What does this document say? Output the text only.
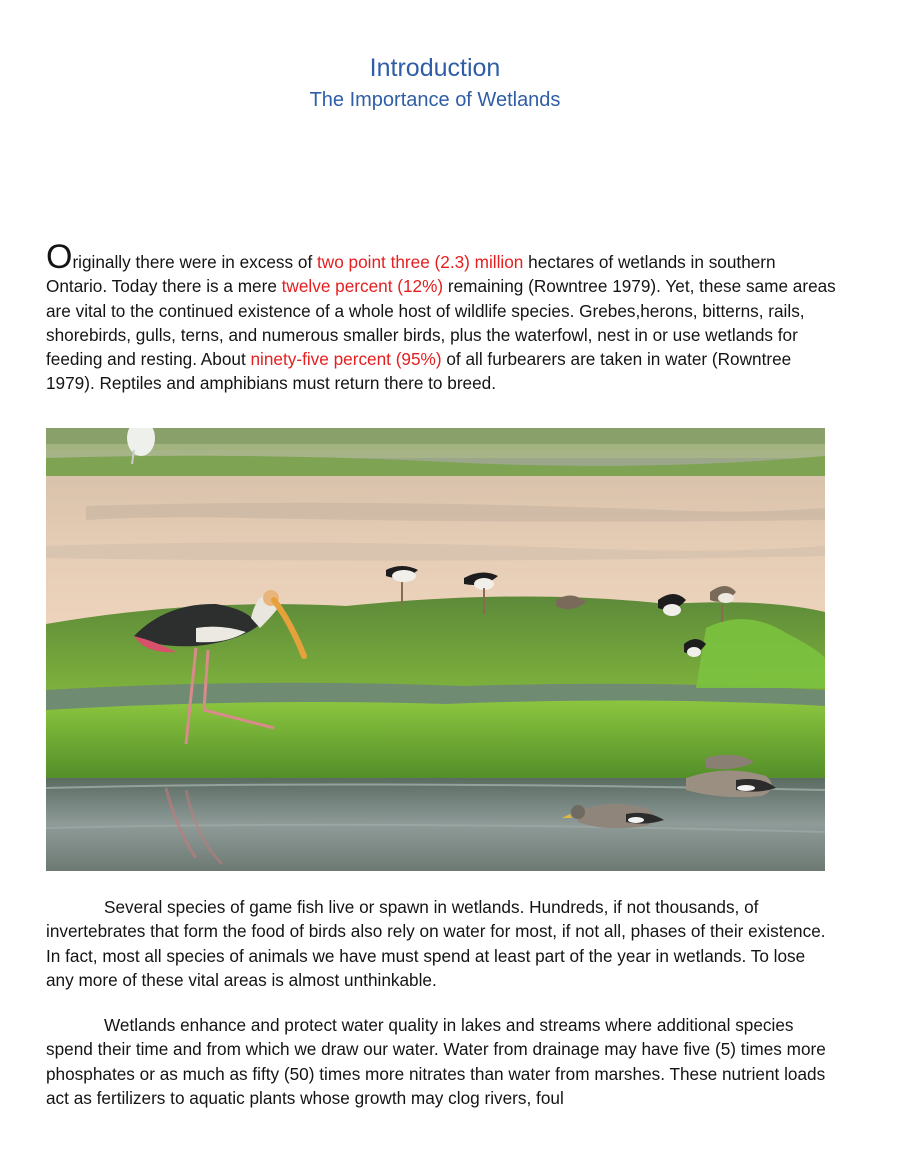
Introduction
The Importance of Wetlands

Originally there were in excess of two point three (2.3) million hectares of wetlands in southern Ontario. Today there is a mere twelve percent (12%) remaining (Rowntree 1979). Yet, these same areas are vital to the continued existence of a whole host of wildlife species. Grebes,herons, bitterns, rails, shorebirds, gulls, terns, and numerous smaller birds, plus the waterfowl, nest in or use wetlands for feeding and resting. About ninety-five percent (95%) of all furbearers are taken in water (Rowntree 1979). Reptiles and amphibians must return there to breed.

Several species of game fish live or spawn in wetlands. Hundreds, if not thousands, of invertebrates that form the food of birds also rely on water for most, if not all, phases of their existence. In fact, most all species of animals we have must spend at least part of the year in wetlands. To lose any more of these vital areas is almost unthinkable.

Wetlands enhance and protect water quality in lakes and streams where additional species spend their time and from which we draw our water. Water from drainage may have five (5) times more phosphates or as much as fifty (50) times more nitrates than water from marshes. These nutrient loads act as fertilizers to aquatic plants whose growth may clog rivers, foul
